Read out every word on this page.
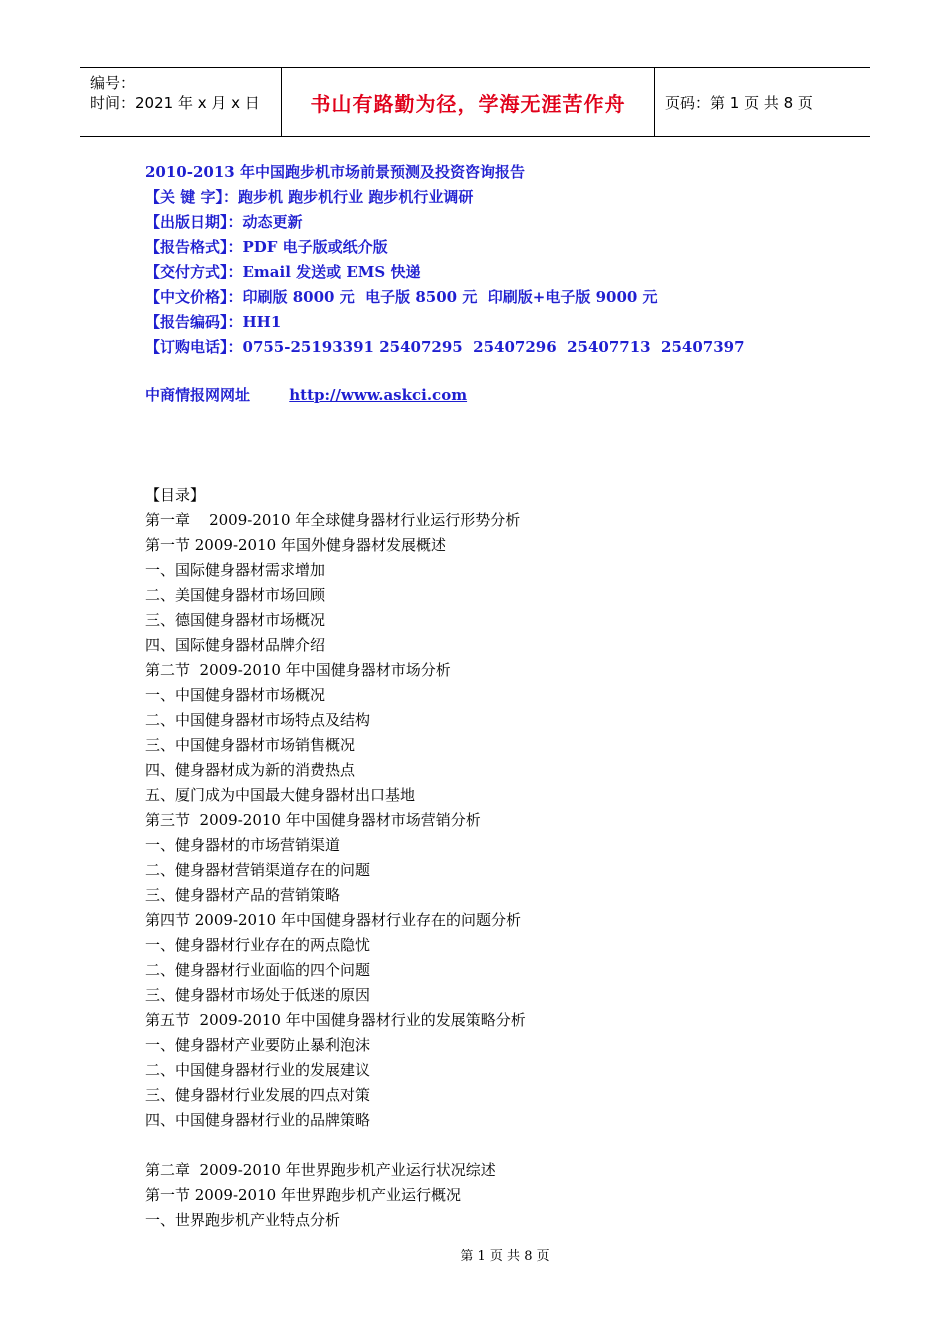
编号：
时间：2021 年 x 月 x 日	书山有路勤为径，学海无涯苦作舟	页码：第 1 页 共 8 页
2010-2013 年中国跑步机市场前景预测及投资咨询报告
【关 键 字】：跑步机 跑步机行业 跑步机行业调研
【出版日期】：动态更新
【报告格式】：PDF 电子版或纸介版
【交付方式】：Email 发送或 EMS 快递
【中文价格】：印刷版 8000 元  电子版 8500 元  印刷版+电子版 9000 元
【报告编码】：HH1
【订购电话】：0755-25193391 25407295  25407296  25407713  25407397
中商情报网网址	http://www.askci.com
【目录】
第一章    2009-2010 年全球健身器材行业运行形势分析
第一节 2009-2010 年国外健身器材发展概述
一、国际健身器材需求增加
二、美国健身器材市场回顾
三、德国健身器材市场概况
四、国际健身器材品牌介绍
第二节  2009-2010 年中国健身器材市场分析
一、中国健身器材市场概况
二、中国健身器材市场特点及结构
三、中国健身器材市场销售概况
四、健身器材成为新的消费热点
五、厦门成为中国最大健身器材出口基地
第三节  2009-2010 年中国健身器材市场营销分析
一、健身器材的市场营销渠道
二、健身器材营销渠道存在的问题
三、健身器材产品的营销策略
第四节 2009-2010 年中国健身器材行业存在的问题分析
一、健身器材行业存在的两点隐忧
二、健身器材行业面临的四个问题
三、健身器材市场处于低迷的原因
第五节  2009-2010 年中国健身器材行业的发展策略分析
一、健身器材产业要防止暴利泡沫
二、中国健身器材行业的发展建议
三、健身器材行业发展的四点对策
四、中国健身器材行业的品牌策略
第二章  2009-2010 年世界跑步机产业运行状况综述
第一节 2009-2010 年世界跑步机产业运行概况
一、世界跑步机产业特点分析
第 1 页 共 8 页
